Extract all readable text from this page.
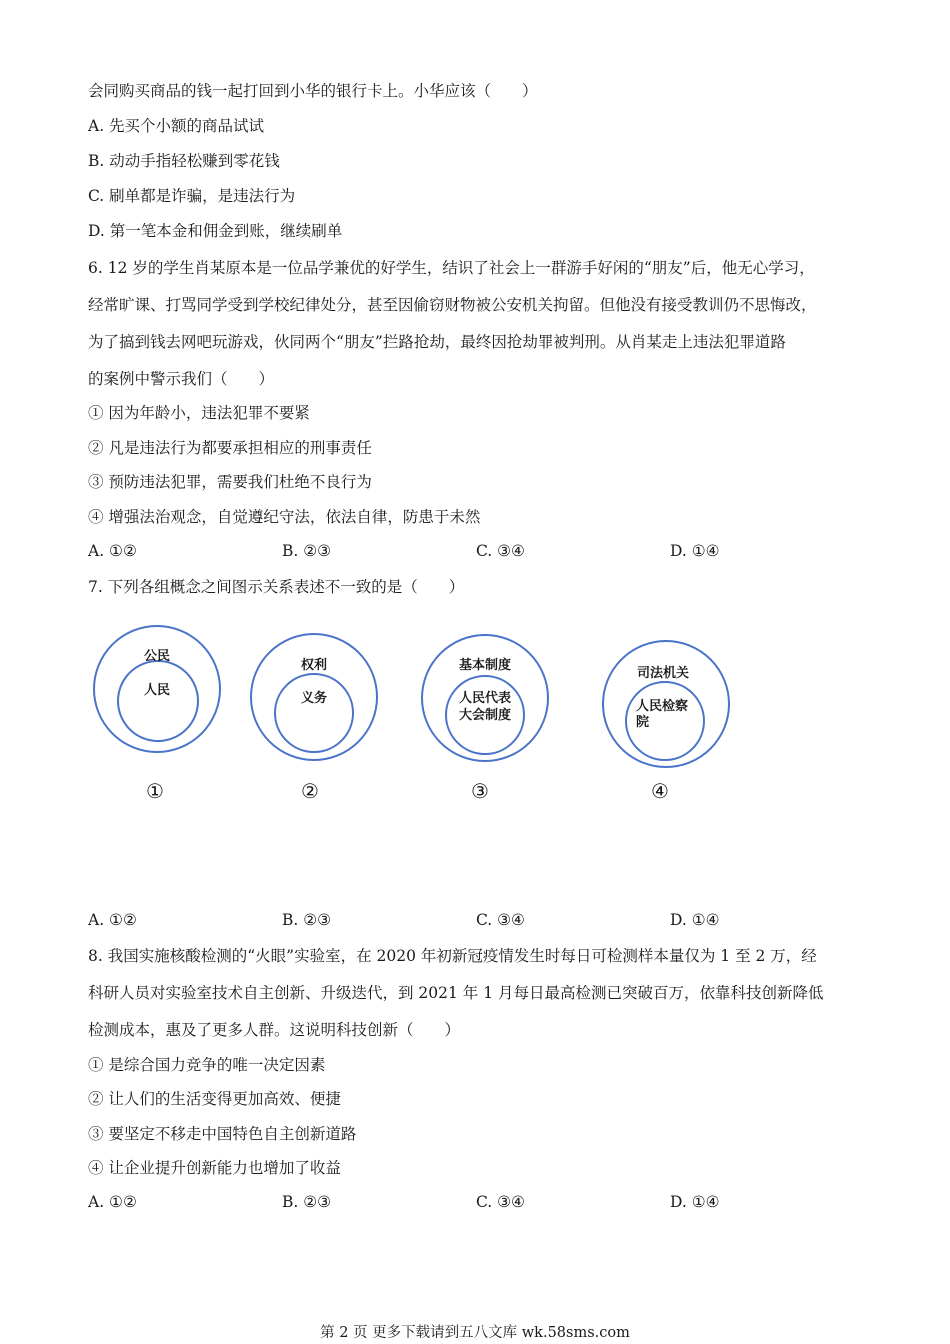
会同购买商品的钱一起打回到小华的银行卡上。小华应该（　　）
A. 先买个小额的商品试试
B. 动动手指轻松赚到零花钱
C. 刷单都是诈骗，是违法行为
D. 第一笔本金和佣金到账，继续刷单
6. 12 岁的学生肖某原本是一位品学兼优的好学生，结识了社会上一群游手好闲的“朋友”后，他无心学习，
经常旷课、打骂同学受到学校纪律处分，甚至因偷窃财物被公安机关拘留。但他没有接受教训仍不思悔改，
为了搞到钱去网吧玩游戏，伙同两个“朋友”拦路抢劫，最终因抢劫罪被判刑。从肖某走上违法犯罪道路
的案例中警示我们（　　）
① 因为年龄小，违法犯罪不要紧
② 凡是违法行为都要承担相应的刑事责任
③ 预防违法犯罪，需要我们杜绝不良行为
④ 增强法治观念，自觉遵纪守法，依法自律，防患于未然
A. ①②	B. ②③	C. ③④	D. ①④
7. 下列各组概念之间图示关系表述不一致的是（　　）
公民
人民
①
权利
义务
②
基本制度
人民代表
大会制度
③
司法机关
人民检察
院
④
A. ①②	B. ②③	C. ③④	D. ①④
8. 我国实施核酸检测的“火眼”实验室，在 2020 年初新冠疫情发生时每日可检测样本量仅为 1 至 2 万，经
科研人员对实验室技术自主创新、升级迭代，到 2021 年 1 月每日最高检测已突破百万，依靠科技创新降低
检测成本，惠及了更多人群。这说明科技创新（　　）
① 是综合国力竞争的唯一决定因素
② 让人们的生活变得更加高效、便捷
③ 要坚定不移走中国特色自主创新道路
④ 让企业提升创新能力也增加了收益
A. ①②	B. ②③	C. ③④	D. ①④
第 2 页 更多下载请到五八文库 wk.58sms.com
